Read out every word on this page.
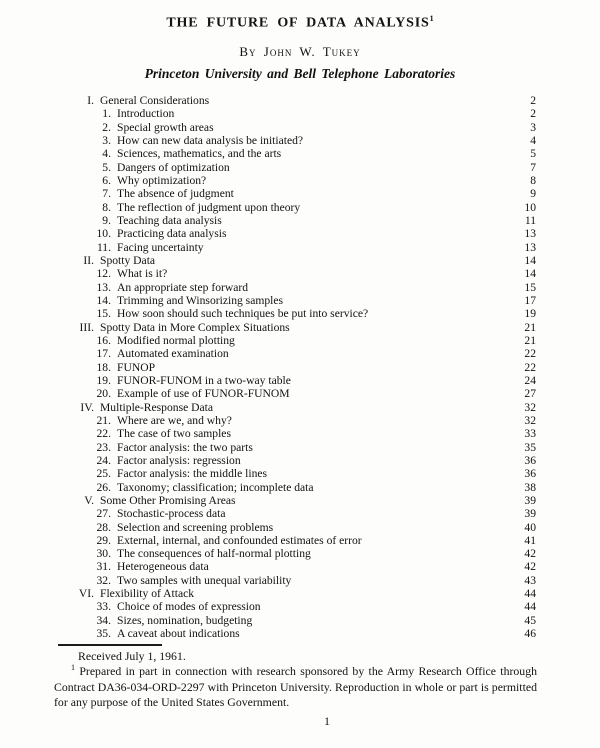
THE FUTURE OF DATA ANALYSIS$^1$
By John W. Tukey
Princeton University and Bell Telephone Laboratories
I. General Considerations	2
1. Introduction	2
2. Special growth areas	3
3. How can new data analysis be initiated?	4
4. Sciences, mathematics, and the arts	5
5. Dangers of optimization	7
6. Why optimization?	8
7. The absence of judgment	9
8. The reflection of judgment upon theory	10
9. Teaching data analysis	11
10. Practicing data analysis	13
11. Facing uncertainty	13
II. Spotty Data	14
12. What is it?	14
13. An appropriate step forward	15
14. Trimming and Winsorizing samples	17
15. How soon should such techniques be put into service?	19
III. Spotty Data in More Complex Situations	21
16. Modified normal plotting	21
17. Automated examination	22
18. FUNOP	22
19. FUNOR-FUNOM in a two-way table	24
20. Example of use of FUNOR-FUNOM	27
IV. Multiple-Response Data	32
21. Where are we, and why?	32
22. The case of two samples	33
23. Factor analysis: the two parts	35
24. Factor analysis: regression	36
25. Factor analysis: the middle lines	36
26. Taxonomy; classification; incomplete data	38
V. Some Other Promising Areas	39
27. Stochastic-process data	39
28. Selection and screening problems	40
29. External, internal, and confounded estimates of error	41
30. The consequences of half-normal plotting	42
31. Heterogeneous data	42
32. Two samples with unequal variability	43
VI. Flexibility of Attack	44
33. Choice of modes of expression	44
34. Sizes, nomination, budgeting	45
35. A caveat about indications	46

Received July 1, 1961.

$^1$ Prepared in part in connection with research sponsored by the Army Research Office through Contract DA36-034-ORD-2297 with Princeton University. Reproduction in whole or part is permitted for any purpose of the United States Government.

1
